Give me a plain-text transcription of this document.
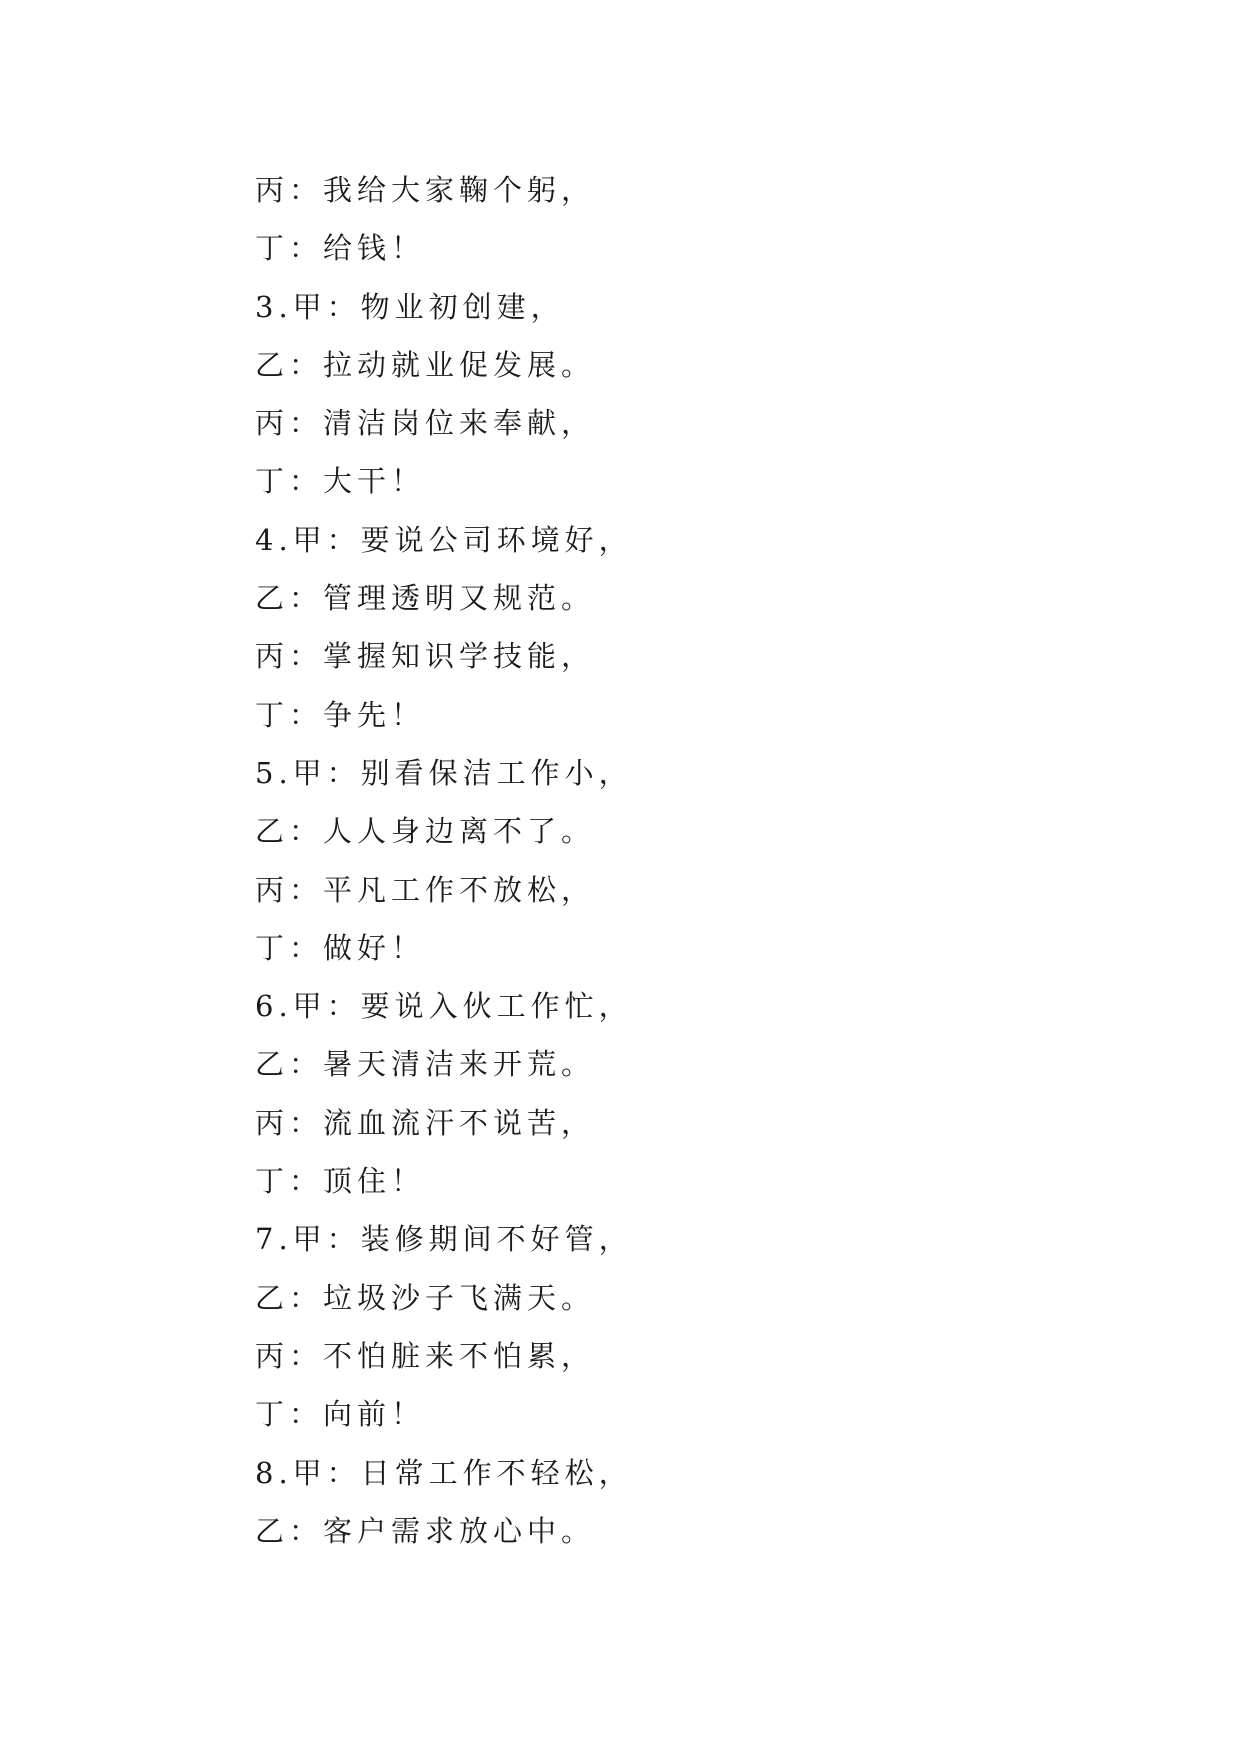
丙：我给大家鞠个躬，
丁：给钱！
3.甲：物业初创建，
乙：拉动就业促发展。
丙：清洁岗位来奉献，
丁：大干！
4.甲：要说公司环境好，
乙：管理透明又规范。
丙：掌握知识学技能，
丁：争先！
5.甲：别看保洁工作小，
乙：人人身边离不了。
丙：平凡工作不放松，
丁：做好！
6.甲：要说入伙工作忙，
乙：暑天清洁来开荒。
丙：流血流汗不说苦，
丁：顶住！
7.甲：装修期间不好管，
乙：垃圾沙子飞满天。
丙：不怕脏来不怕累，
丁：向前！
8.甲：日常工作不轻松，
乙：客户需求放心中。
